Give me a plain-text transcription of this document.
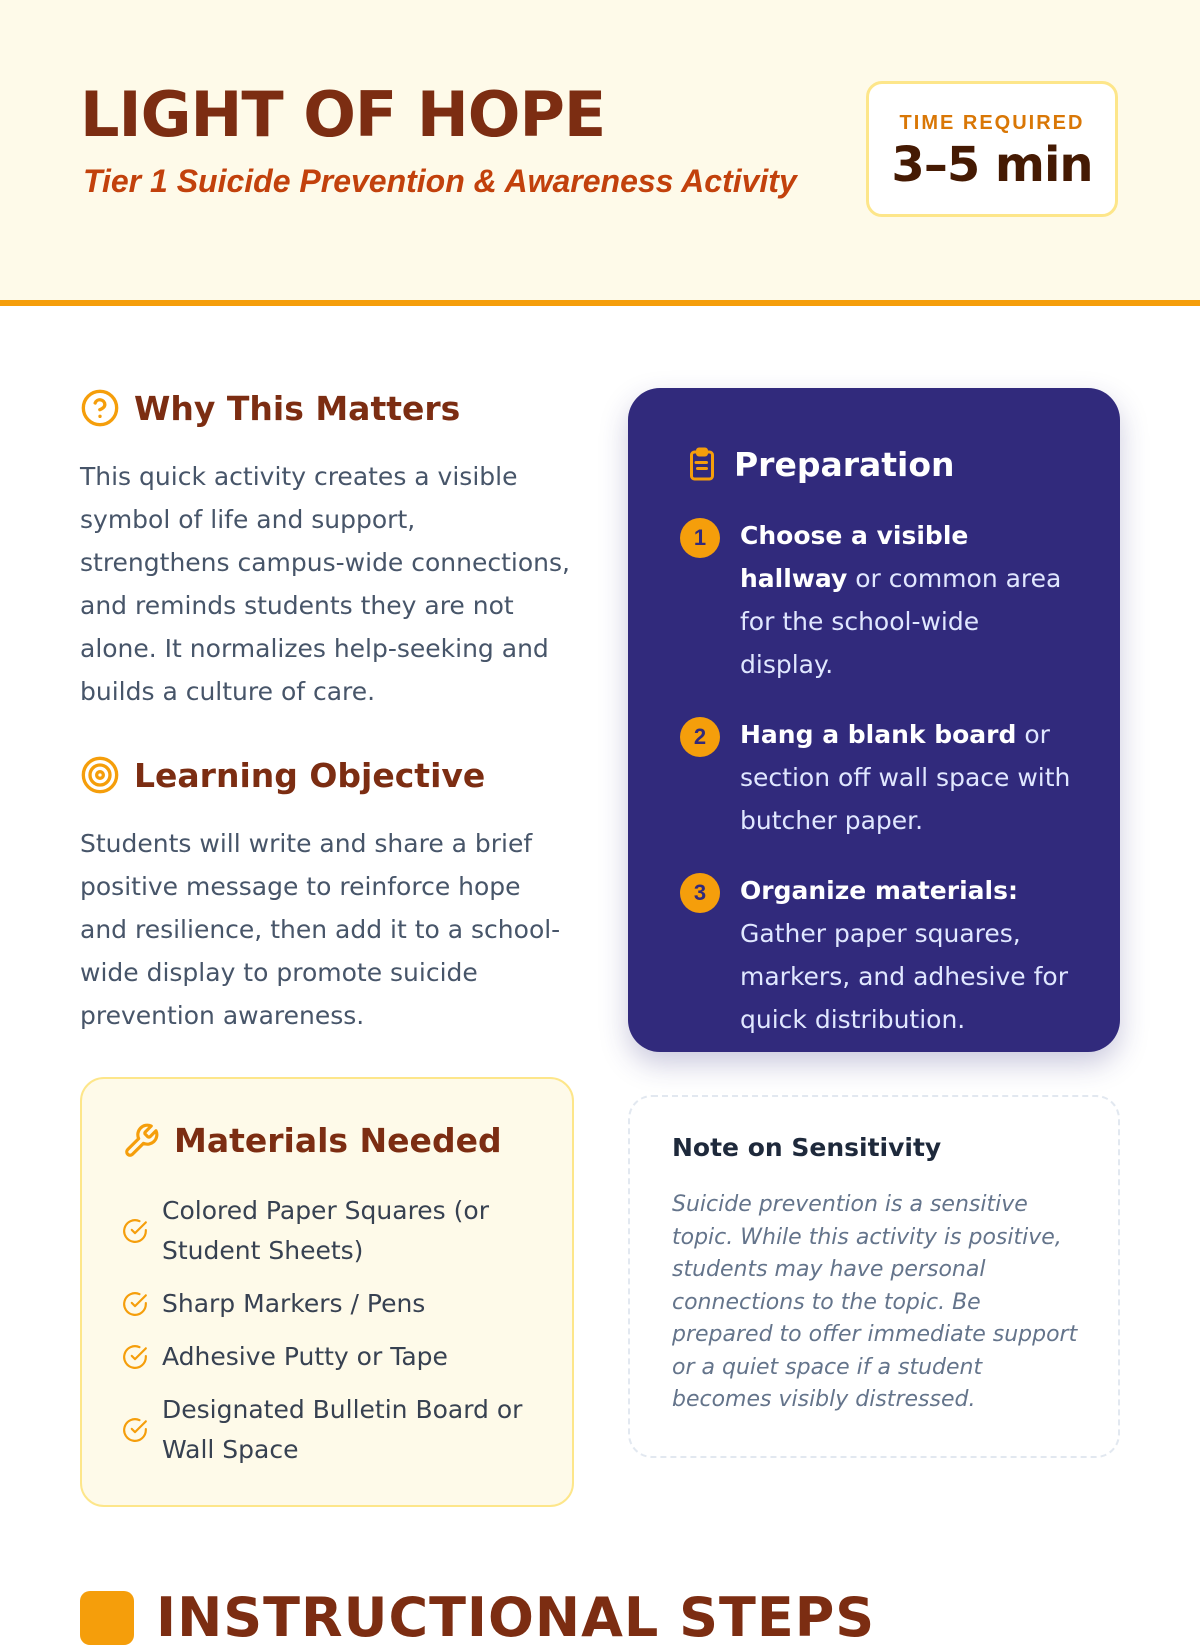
LIGHT OF HOPE

Tier 1 Suicide Prevention & Awareness Activity

TIME REQUIRED
3–5 min
Why This Matters

This quick activity creates a visible symbol of life and support, strengthens campus-wide connections, and reminds students they are not alone. It normalizes help-seeking and builds a culture of care.

Learning Objective

Students will write and share a brief positive message to reinforce hope and resilience, then add it to a school-wide display to promote suicide prevention awareness.

Preparation
1	Choose a visible hallway or common area for the school-wide display.
2	Hang a blank board or section off wall space with butcher paper.
3	Organize materials: Gather paper squares, markers, and adhesive for quick distribution.
Materials Needed
Colored Paper Squares (or Student Sheets)
Sharp Markers / Pens
Adhesive Putty or Tape
Designated Bulletin Board or Wall Space
Note on Sensitivity

Suicide prevention is a sensitive topic. While this activity is positive, students may have personal connections to the topic. Be prepared to offer immediate support or a quiet space if a student becomes visibly distressed.

INSTRUCTIONAL STEPS
